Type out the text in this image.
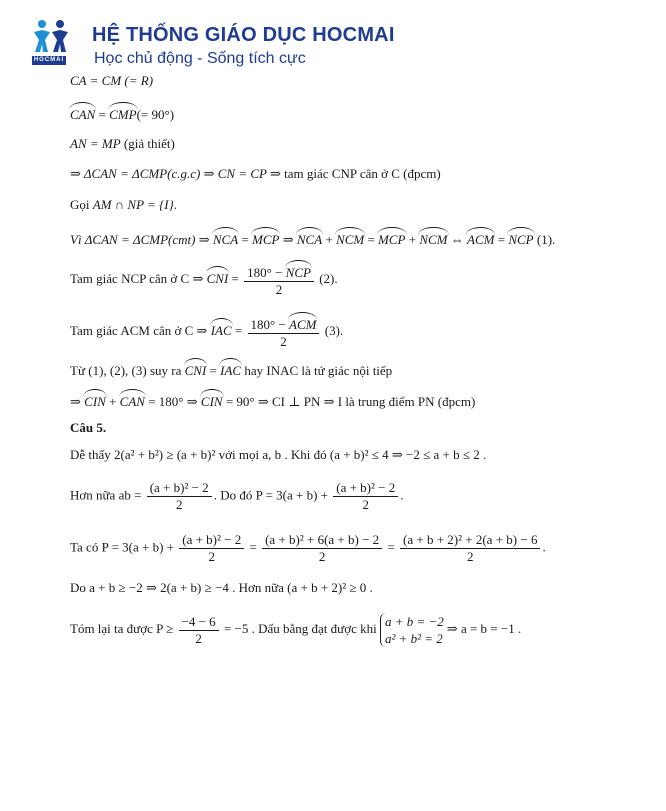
HOCMAI
HỆ THỐNG GIÁO DỤC HOCMAI
Học chủ động - Sống tích cực
CA = CM (= R)
CAN = CMP(= 90°)
AN = MP (giả thiết)
⇒ ΔCAN = ΔCMP(c.g.c) ⇒ CN = CP ⇒ tam giác CNP cân ở C (đpcm)
Gọi AM ∩ NP = {I}.
Vì ΔCAN = ΔCMP(cmt) ⇒ NCA = MCP ⇒ NCA + NCM = MCP + NCM ⇔ ACM = NCP (1).
Tam giác NCP cân ở C ⇒ CNI = $\frac{\text{180° − NCP}}{2} (2)$.
Tam giác ACM cân ở C ⇒ IAC = $\frac{\text{180° − ACM}}{2} (3)$.
Từ (1), (2), (3) suy ra CNI = IAC hay INAC là tứ giác nội tiếp
⇒ CIN + CAN = 180° ⇒ CIN = 90° ⇒ CI ⊥ PN ⇒ I là trung điểm PN (đpcm)
Câu 5.
Dễ thấy 2(a² + b²) ≥ (a + b)² với mọi a, b . Khi đó (a + b)² ≤ 4 ⇒ −2 ≤ a + b ≤ 2 .
Hơn nữa ab = $\frac{\text{(a + b)² − 2}}{2}$ . Do đó $P = 3(a + b) + \frac{\text{(a + b)² − 2}}{2}$ .
Ta có $P = 3(a + b) + \frac{\text{(a + b)² − 2}}{2} = \frac{\text{(a + b)² + 6(a + b) − 2}}{2} = \frac{\text{(a + b + 2)² + 2(a + b) − 6}}{2}$ .
Do a + b ≥ −2 ⇒ 2(a + b) ≥ −4 . Hơn nữa (a + b + 2)² ≥ 0 .
Tóm lại ta được $P \ge \frac{-4 - 6}{2} = -5$ . Dấu bằng đạt được khi a + b = −2
a² + b² = 2
⇒ a = b = −1 .
